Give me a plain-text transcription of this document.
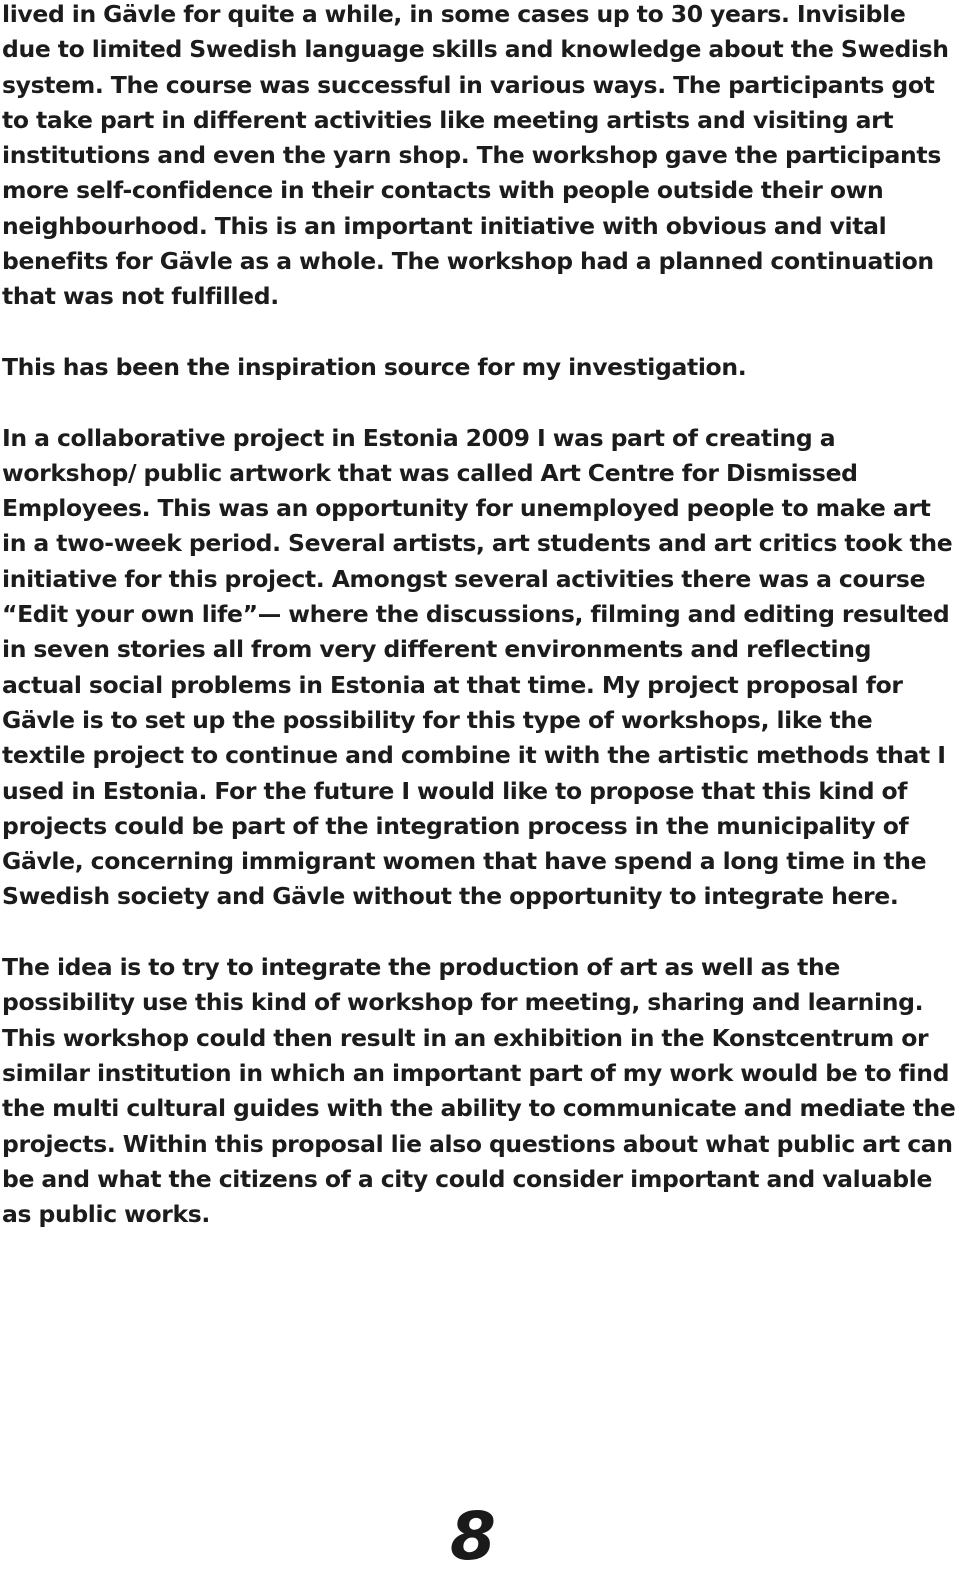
lived in Gävle for quite a while, in some cases up to 30 years. Invisible due to limited Swedish language skills and knowledge about the Swedish system. The course was successful in various ways. The participants got to take part in different activities like meeting artists and visiting art institutions and even the yarn shop. The workshop gave the participants more self-confidence in their contacts with people outside their own neighbourhood. This is an important initiative with obvious and vital benefits for Gävle as a whole. The workshop had a planned continuation that was not fulfilled.

This has been the inspiration source for my investigation.

In a collaborative project in Estonia 2009 I was part of creating a workshop/ public artwork that was called Art Centre for Dismissed Employees. This was an opportunity for unemployed people to make art in a two-week period. Several artists, art students and art critics took the initiative for this project. Amongst several activities there was a course “Edit your own life”— where the discussions, filming and editing resulted in seven stories all from very different environments and reflecting actual social problems in Estonia at that time. My project proposal for Gävle is to set up the possibility for this type of workshops, like the textile project to continue and combine it with the artistic methods that I used in Estonia. For the future I would like to propose that this kind of projects could be part of the integration process in the municipality of Gävle, concerning immigrant women that have spend a long time in the Swedish society and Gävle without the opportunity to integrate here.

The idea is to try to integrate the production of art as well as the possibility use this kind of workshop for meeting, sharing and learning. This workshop could then result in an exhibition in the Konstcentrum or similar institution in which an important part of my work would be to find the multi cultural guides with the ability to communicate and mediate the projects. Within this proposal lie also questions about what public art can be and what the citizens of a city could consider important and valuable as public works.

8
